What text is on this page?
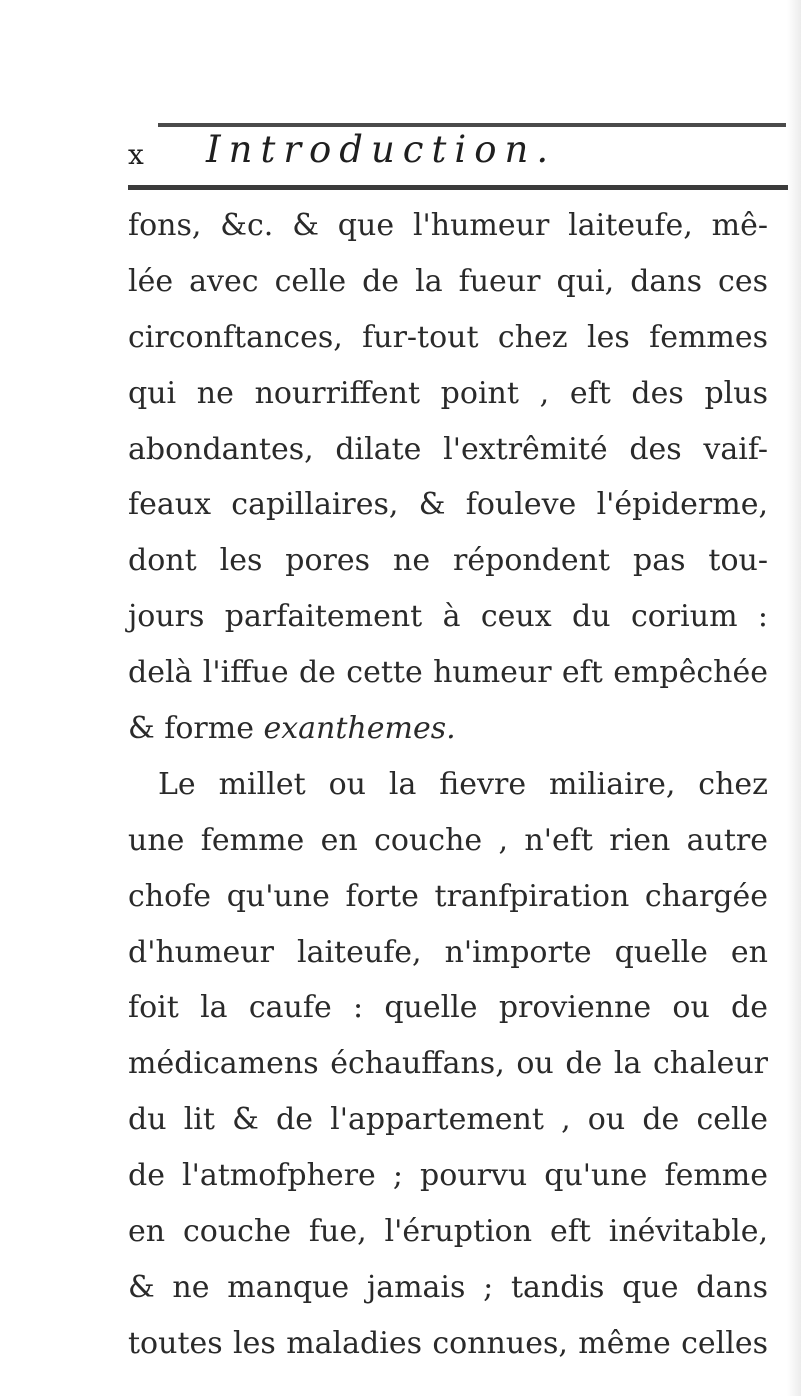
x Introduction.
fons, &c. & que l'humeur laiteufe, mê-
lée avec celle de la fueur qui, dans ces
circonftances, fur-tout chez les femmes
qui ne nourriffent point , eft des plus
abondantes, dilate l'extrêmité des vaif-
feaux capillaires, & fouleve l'épiderme,
dont les pores ne répondent pas tou-
jours parfaitement à ceux du corium :
delà l'iffue de cette humeur eft empêchée
& forme exanthemes.
Le millet ou la fievre miliaire, chez
une femme en couche , n'eft rien autre
chofe qu'une forte tranfpiration chargée
d'humeur laiteufe, n'importe quelle en
foit la caufe : quelle provienne ou de
médicamens échauffans, ou de la chaleur
du lit & de l'appartement , ou de celle
de l'atmofphere ; pourvu qu'une femme
en couche fue, l'éruption eft inévitable,
& ne manque jamais ; tandis que dans
toutes les maladies connues, même celles
